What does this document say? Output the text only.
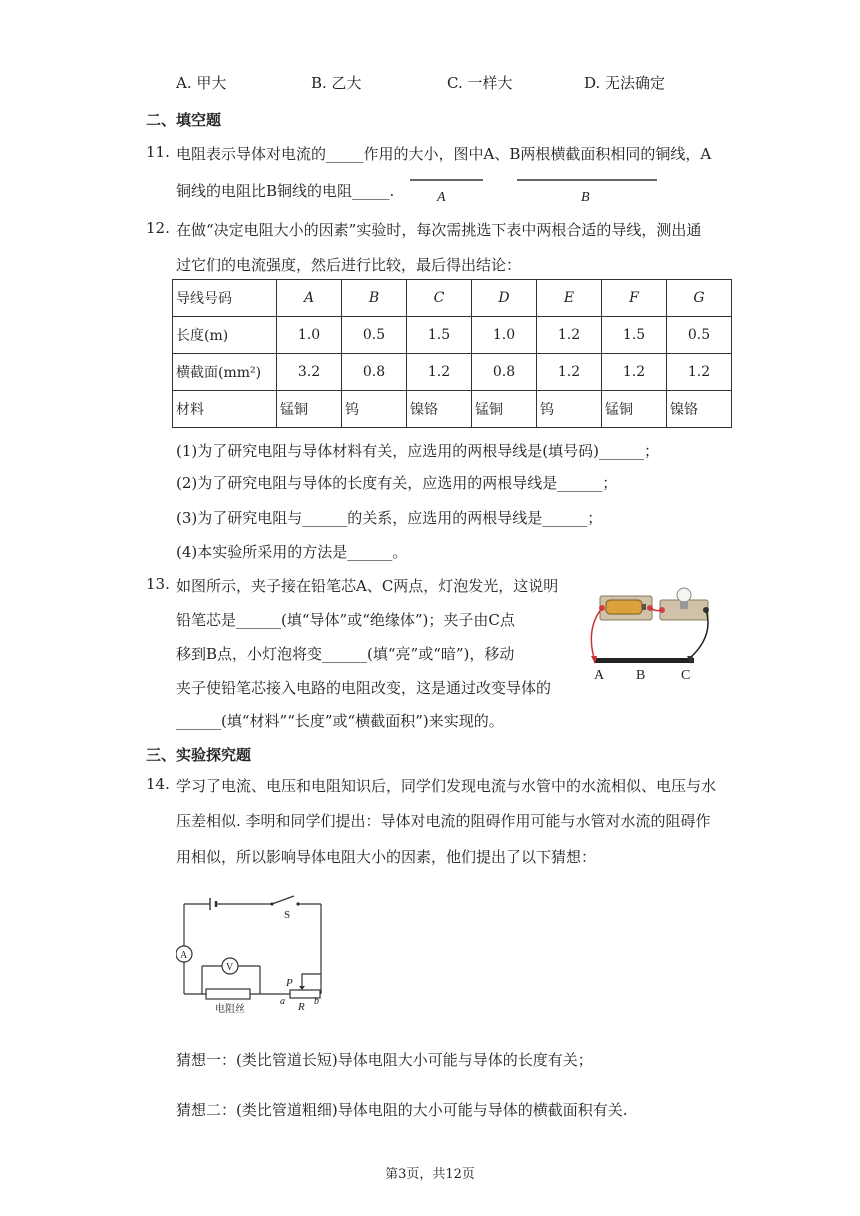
A. 甲大	B. 乙大	C. 一样大	D. 无法确定
二、填空题
11. 电阻表示导体对电流的_____作用的大小，图中A、B两根横截面积相同的铜线，A
铜线的电阻比B铜线的电阻_____.	A	B
12. 在做“决定电阻大小的因素”实验时，每次需挑选下表中两根合适的导线，测出通
过它们的电流强度，然后进行比较，最后得出结论：
导线号码	A	B	C	D	E	F	G
长度(m)	1.0	0.5	1.5	1.0	1.2	1.5	0.5
横截面(mm²)	3.2	0.8	1.2	0.8	1.2	1.2	1.2
材料	锰铜	钨	镍铬	锰铜	钨	锰铜	镍铬
(1)为了研究电阻与导体材料有关，应选用的两根导线是(填号码)______；
(2)为了研究电阻与导体的长度有关，应选用的两根导线是______；
(3)为了研究电阻与______的关系，应选用的两根导线是______；
(4)本实验所采用的方法是______。
13. 如图所示，夹子接在铅笔芯A、C两点，灯泡发光，这说明
铅笔芯是______(填“导体”或“绝缘体”)；夹子由C点
移到B点，小灯泡将变______(填“亮”或“暗”)，移动
夹子使铅笔芯接入电路的电阻改变，这是通过改变导体的
______(填“材料”“长度”或“横截面积”)来实现的。
A B	C
三、实验探究题
14. 学习了电流、电压和电阻知识后，同学们发现电流与水管中的水流相似、电压与水
压差相似. 李明和同学们提出：导体对电流的阻碍作用可能与水管对水流的阻碍作
用相似，所以影响导体电阻大小的因素，他们提出了以下猜想：
S
A
V
电阻丝
P
R
a	b
猜想一：(类比管道长短)导体电阻大小可能与导体的长度有关；
猜想二：(类比管道粗细)导体电阻的大小可能与导体的横截面积有关.
第3页，共12页
